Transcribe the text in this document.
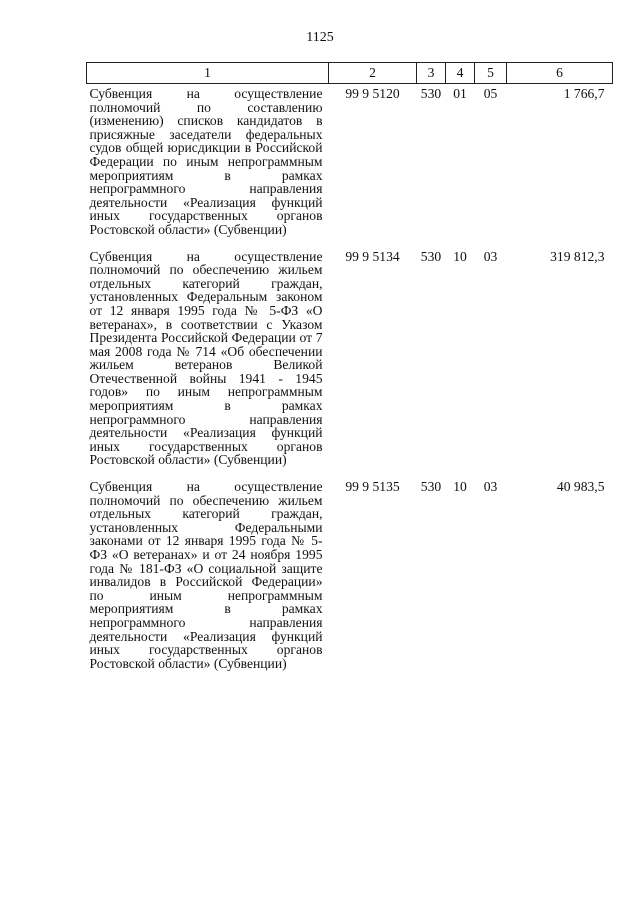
1125
1	2	3	4	5	6
Субвенция на осуществление полномочий по составлению (изменению) списков кандидатов в присяжные заседатели федеральных судов общей юрисдикции в Российской Федерации по иным непрограммным мероприятиям в рамках непрограммного направления деятельности «Реализация функций иных государственных органов Ростовской области» (Субвенции)	99 9 5120	530	01	05	1 766,7
Субвенция на осуществление полномочий по обеспечению жильем отдельных категорий граждан, установленных Федеральным законом от 12 января 1995 года № 5-ФЗ «О ветеранах», в соответствии с Указом Президента Российской Федерации от 7 мая 2008 года № 714 «Об обеспечении жильем ветеранов Великой Отечественной войны 1941 - 1945 годов» по иным непрограммным мероприятиям в рамках непрограммного направления деятельности «Реализация функций иных государственных органов Ростовской области» (Субвенции)	99 9 5134	530	10	03	319 812,3
Субвенция на осуществление полномочий по обеспечению жильем отдельных категорий граждан, установленных Федеральными законами от 12 января 1995 года № 5-ФЗ «О ветеранах» и от 24 ноября 1995 года № 181-ФЗ «О социальной защите инвалидов в Российской Федерации» по иным непрограммным мероприятиям в рамках непрограммного направления деятельности «Реализация функций иных государственных органов Ростовской области» (Субвенции)	99 9 5135	530	10	03	40 983,5
